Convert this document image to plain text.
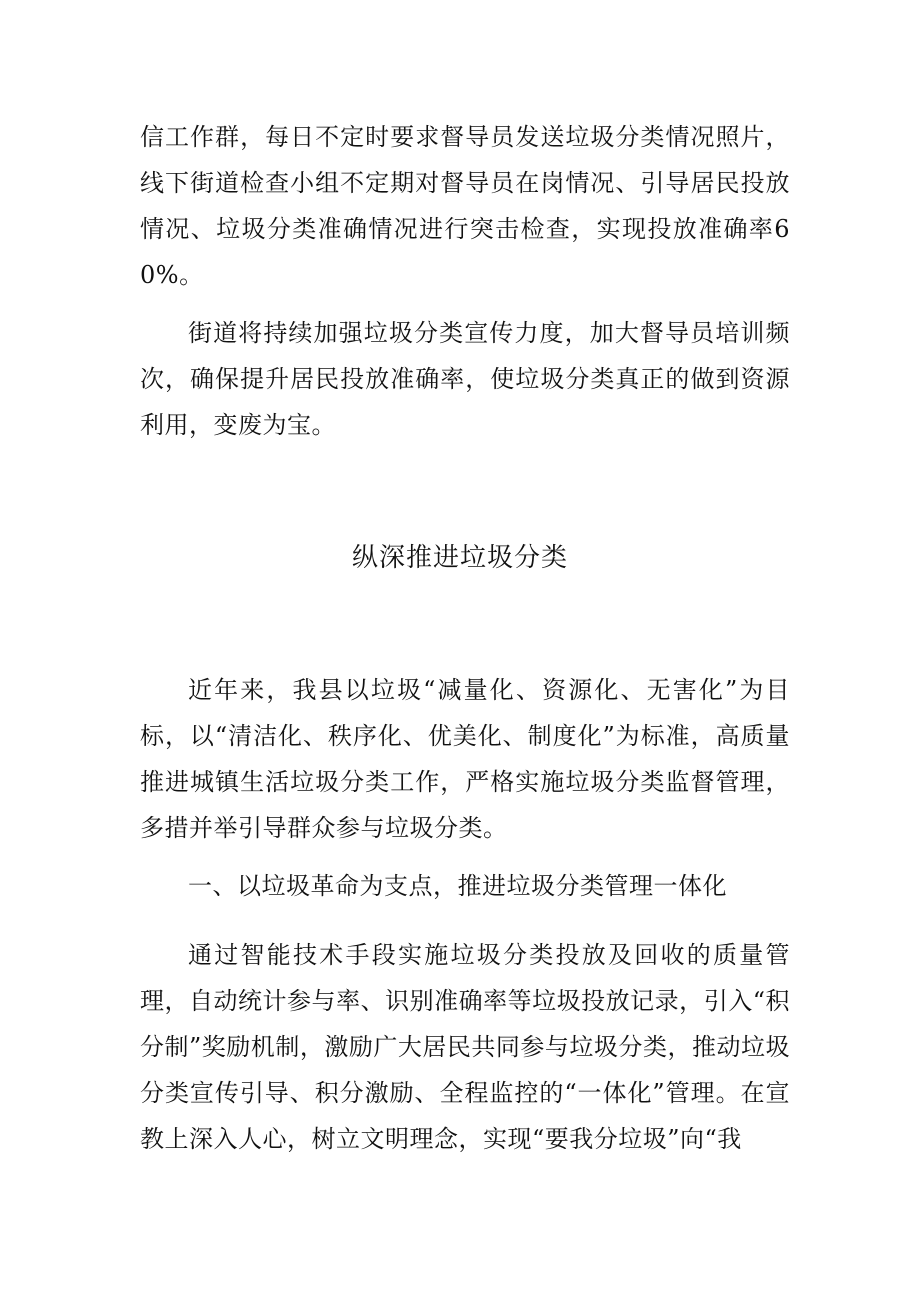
信工作群，每日不定时要求督导员发送垃圾分类情况照片，线下街道检查小组不定期对督导员在岗情况、引导居民投放情况、垃圾分类准确情况进行突击检查，实现投放准确率60%。

街道将持续加强垃圾分类宣传力度，加大督导员培训频次，确保提升居民投放准确率，使垃圾分类真正的做到资源利用，变废为宝。

纵深推进垃圾分类

近年来，我县以垃圾“减量化、资源化、无害化”为目标，以“清洁化、秩序化、优美化、制度化”为标准，高质量推进城镇生活垃圾分类工作，严格实施垃圾分类监督管理，多措并举引导群众参与垃圾分类。

一、以垃圾革命为支点，推进垃圾分类管理一体化

通过智能技术手段实施垃圾分类投放及回收的质量管理，自动统计参与率、识别准确率等垃圾投放记录，引入“积分制”奖励机制，激励广大居民共同参与垃圾分类，推动垃圾分类宣传引导、积分激励、全程监控的“一体化”管理。在宣教上深入人心，树立文明理念，实现“要我分垃圾”向“我
